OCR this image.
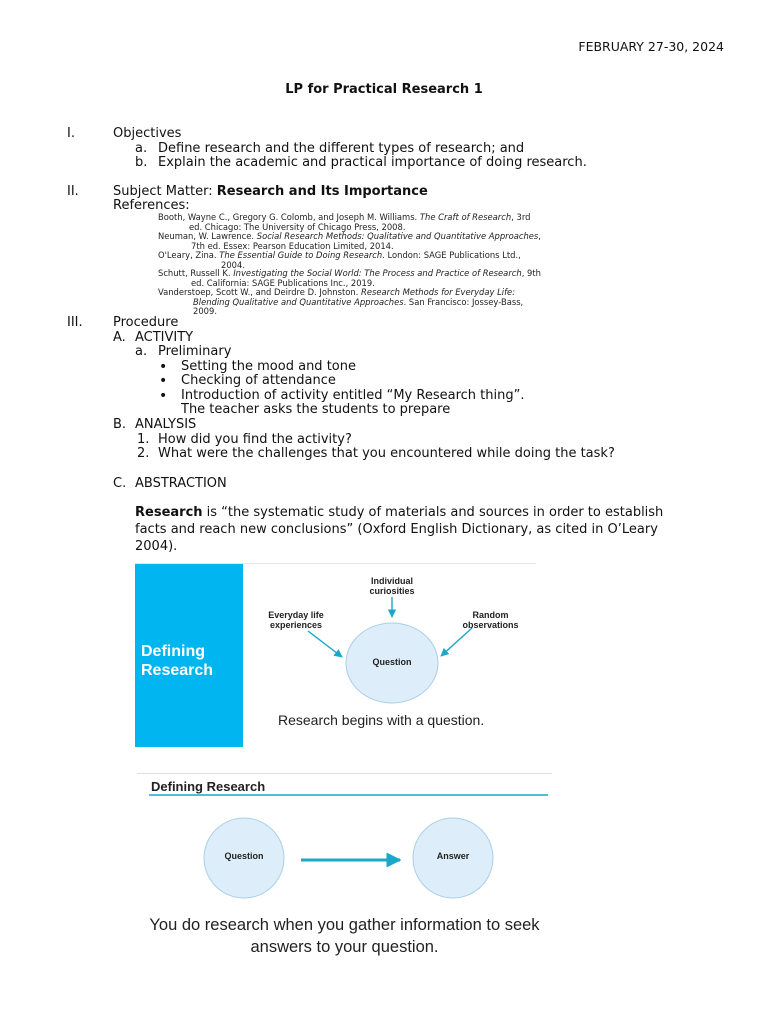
FEBRUARY 27-30, 2024
LP for Practical Research 1
I.	Objectives
a. Define research and the different types of research; and
b. Explain the academic and practical importance of doing research.
II.	Subject Matter: Research and Its Importance
References:
Booth, Wayne C., Gregory G. Colomb, and Joseph M. Williams. The Craft of Research, 3rd
ed. Chicago: The University of Chicago Press, 2008.
Neuman, W. Lawrence. Social Research Methods: Qualitative and Quantitative Approaches,
7th ed. Essex: Pearson Education Limited, 2014.
O'Leary, Zina. The Essential Guide to Doing Research. London: SAGE Publications Ltd.,
2004.
Schutt, Russell K. Investigating the Social World: The Process and Practice of Research, 9th
ed. California: SAGE Publications Inc., 2019.
Vanderstoep, Scott W., and Deirdre D. Johnston. Research Methods for Everyday Life:
Blending Qualitative and Quantitative Approaches. San Francisco: Jossey-Bass,
2009.
III. Procedure
A. ACTIVITY
a. Preliminary
• Setting the mood and tone
• Checking of attendance
• Introduction of activity entitled “My Research thing”.
The teacher asks the students to prepare
B. ANALYSIS
1. How did you find the activity?
2. What were the challenges that you encountered while doing the task?
C. ABSTRACTION
Research is “the systematic study of materials and sources in order to establish facts and reach new conclusions” (Oxford English Dictionary, as cited in O’Leary 2004).
Defining Research
Individual curiosities
Everyday life experiences
Random observations
Question
Research begins with a question.
Defining Research
Question	Answer
You do research when you gather information to seek answers to your question.
